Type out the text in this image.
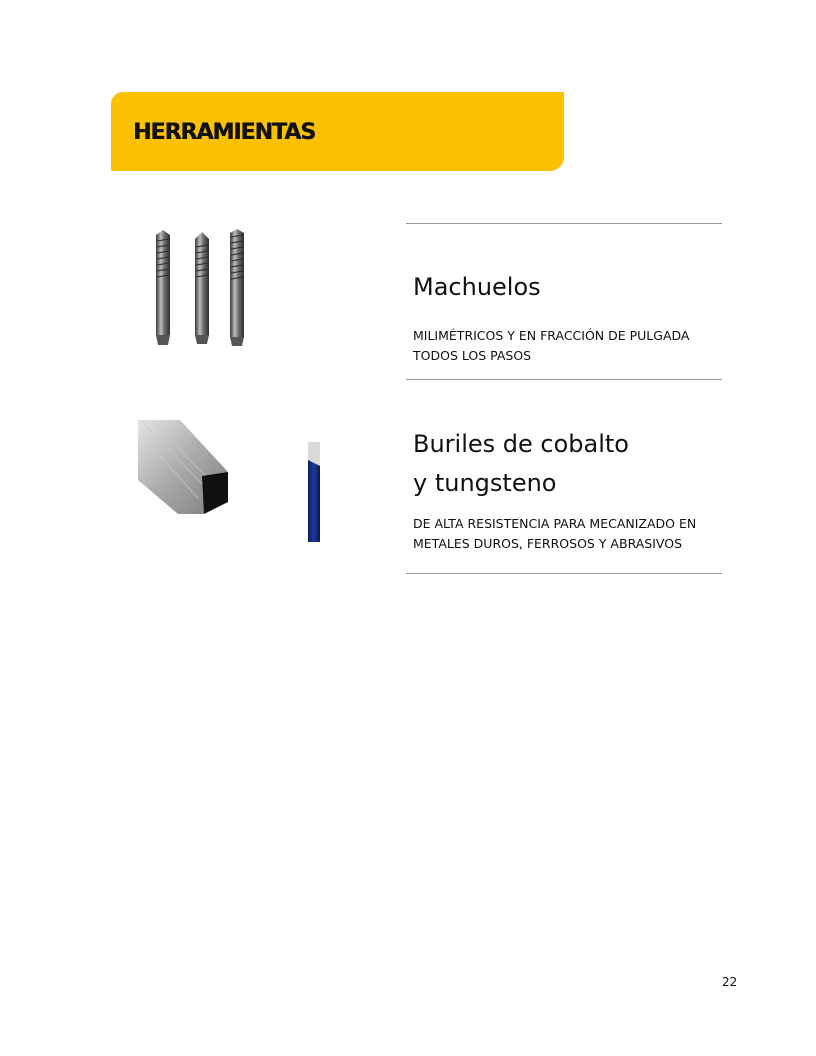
HERRAMIENTAS
Machuelos
MILIMÉTRICOS Y EN FRACCIÓN DE PULGADA
TODOS LOS PASOS
Buriles de cobalto
y tungsteno
DE ALTA RESISTENCIA PARA MECANIZADO EN
METALES DUROS, FERROSOS Y ABRASIVOS
22
